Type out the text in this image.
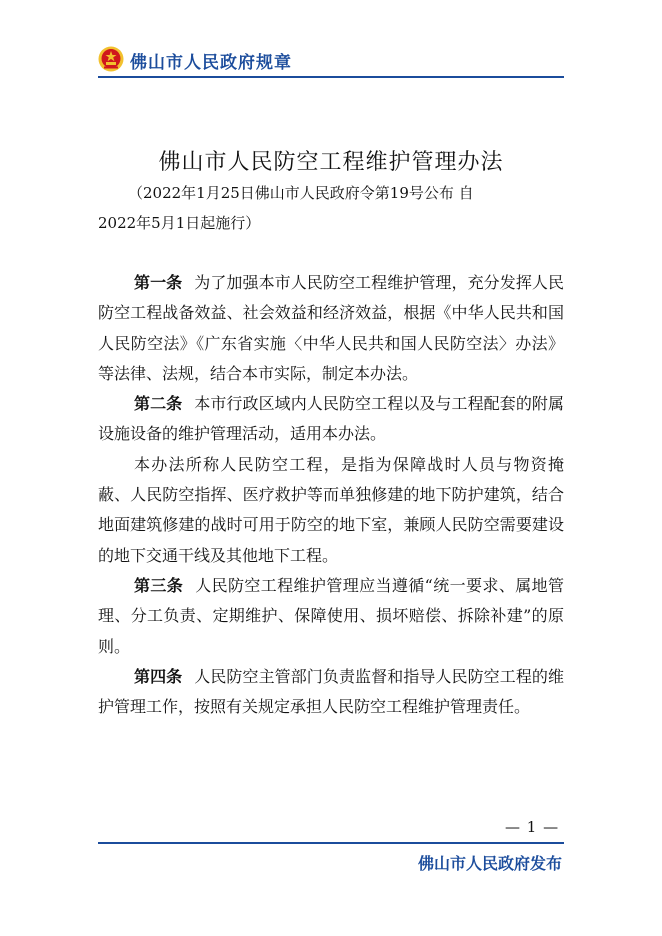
佛山市人民政府规章
佛山市人民防空工程维护管理办法
（2022年1月25日佛山市人民政府令第19号公布 自
2022年5月1日起施行）

第一条 为了加强本市人民防空工程维护管理，充分发挥人民防空工程战备效益、社会效益和经济效益，根据《中华人民共和国人民防空法》《广东省实施〈中华人民共和国人民防空法〉办法》等法律、法规，结合本市实际，制定本办法。

第二条 本市行政区域内人民防空工程以及与工程配套的附属设施设备的维护管理活动，适用本办法。

本办法所称人民防空工程，是指为保障战时人员与物资掩蔽、人民防空指挥、医疗救护等而单独修建的地下防护建筑，结合地面建筑修建的战时可用于防空的地下室，兼顾人民防空需要建设的地下交通干线及其他地下工程。

第三条 人民防空工程维护管理应当遵循“统一要求、属地管理、分工负责、定期维护、保障使用、损坏赔偿、拆除补建”的原则。

第四条 人民防空主管部门负责监督和指导人民防空工程的维护管理工作，按照有关规定承担人民防空工程维护管理责任。

— 1 —
佛山市人民政府发布
